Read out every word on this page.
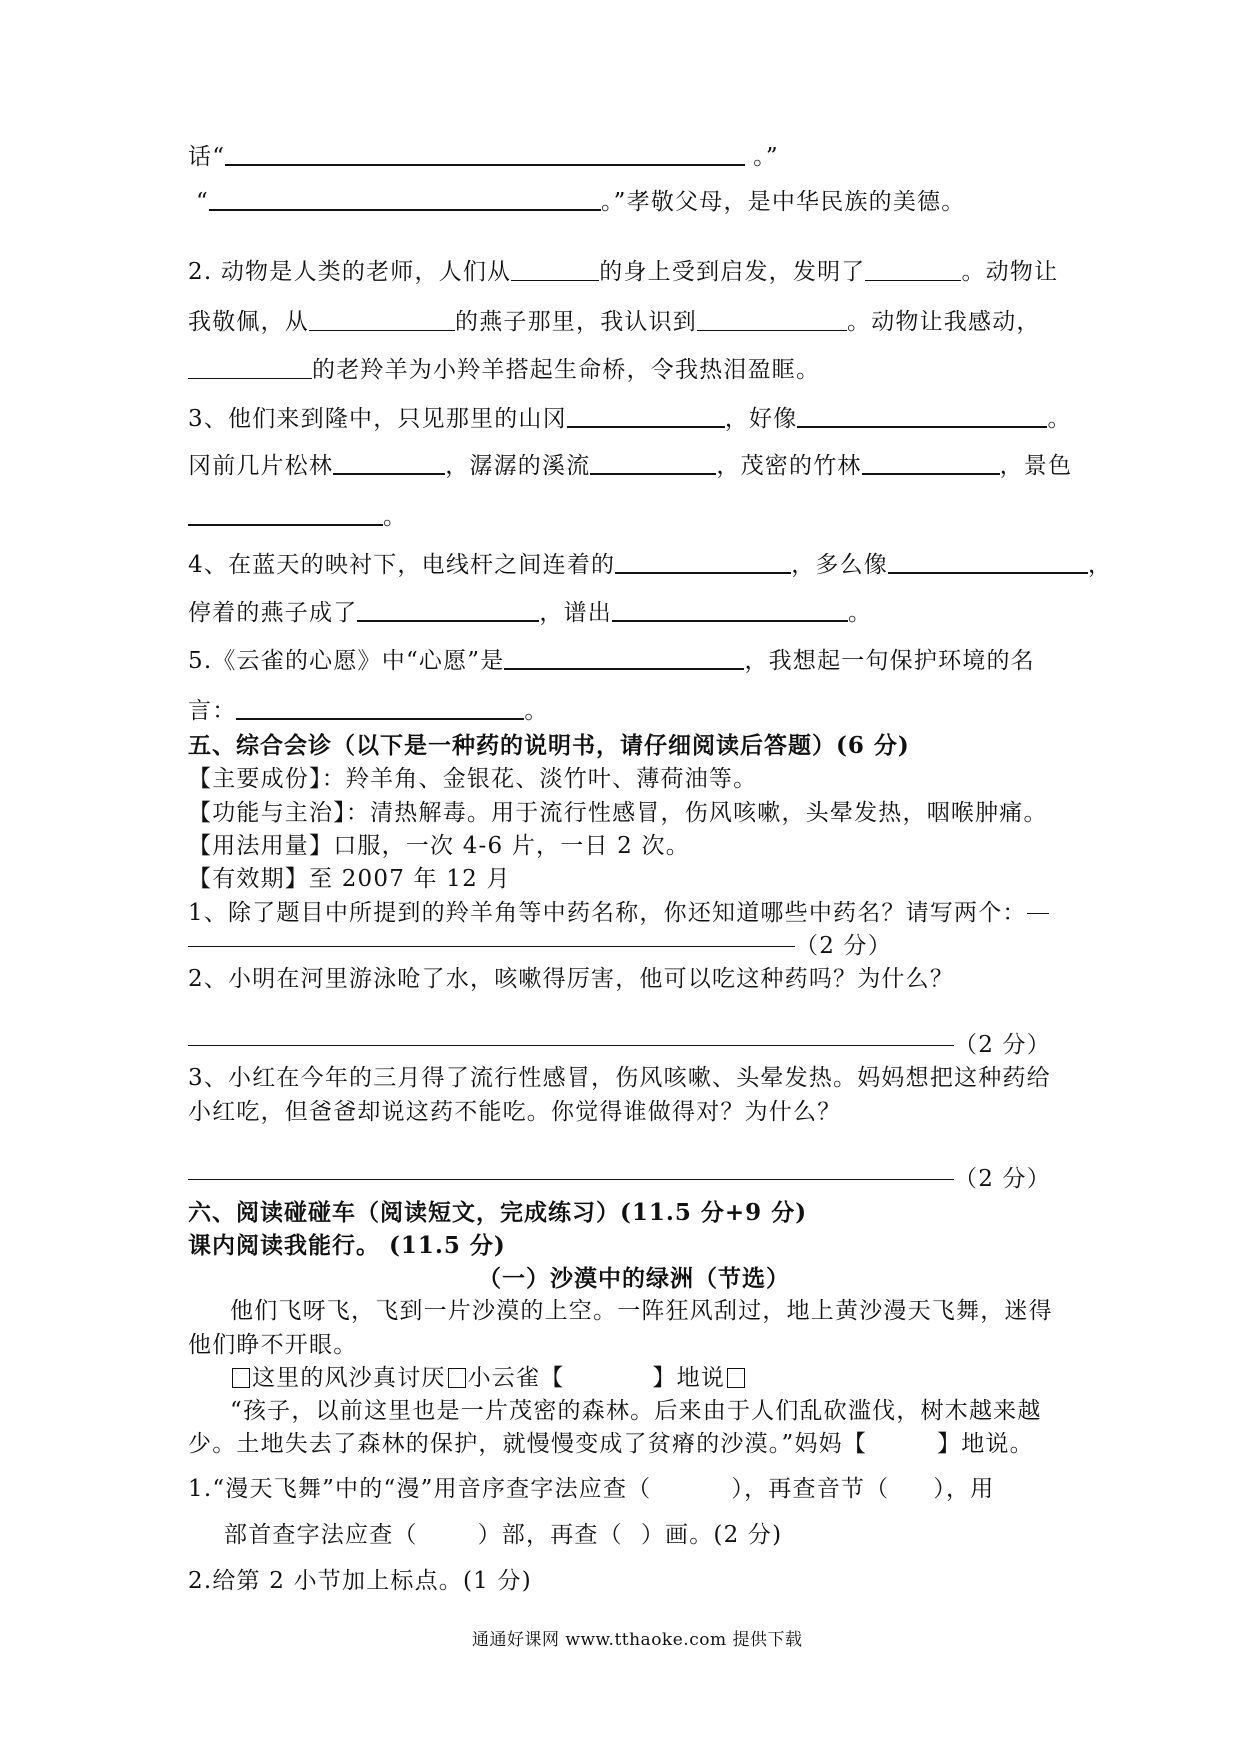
话“	。”
“	。”孝敬父母，是中华民族的美德。
2. 动物是人类的老师，人们从	的身上受到启发，发明了	。动物让
我敬佩，从	的燕子那里，我认识到	。动物让我感动，
的老羚羊为小羚羊搭起生命桥，令我热泪盈眶。
3、他们来到隆中，只见那里的山冈	，好像	。
冈前几片松林	，潺潺的溪流	，茂密的竹林	，景色
。
4、在蓝天的映衬下，电线杆之间连着的	，多么像	，
停着的燕子成了	，谱出	。
5.《云雀的心愿》中“心愿”是	，我想起一句保护环境的名
言：	。
五、综合会诊（以下是一种药的说明书，请仔细阅读后答题）(6 分)
【主要成份】：羚羊角、金银花、淡竹叶、薄荷油等。
【功能与主治】：清热解毒。用于流行性感冒，伤风咳嗽，头晕发热，咽喉肿痛。
【用法用量】口服，一次 4-6 片，一日 2 次。
【有效期】至 2007 年 12 月
1、除了题目中所提到的羚羊角等中药名称，你还知道哪些中药名？请写两个：
（2 分）
2、小明在河里游泳呛了水，咳嗽得厉害，他可以吃这种药吗？为什么？
（2 分）
3、小红在今年的三月得了流行性感冒，伤风咳嗽、头晕发热。妈妈想把这种药给
小红吃，但爸爸却说这药不能吃。你觉得谁做得对？为什么？
（2 分）
六、阅读碰碰车（阅读短文，完成练习）(11.5 分+9 分)
课内阅读我能行。 (11.5 分)
（一）沙漠中的绿洲（节选）
他们飞呀飞，飞到一片沙漠的上空。一阵狂风刮过，地上黄沙漫天飞舞，迷得
他们睁不开眼。
这里的风沙真讨厌 小云雀【	】地说
“孩子，以前这里也是一片茂密的森林。后来由于人们乱砍滥伐，树木越来越
少。土地失去了森林的保护，就慢慢变成了贫瘠的沙漠。”妈妈【	】地说。
1.“漫天飞舞”中的“漫”用音序查字法应查（	），再查音节（ ），用
部首查字法应查（	）部，再查（ ）画。(2 分)
2.给第 2 小节加上标点。(1 分)
通通好课网 www.tthaoke.com 提供下载
